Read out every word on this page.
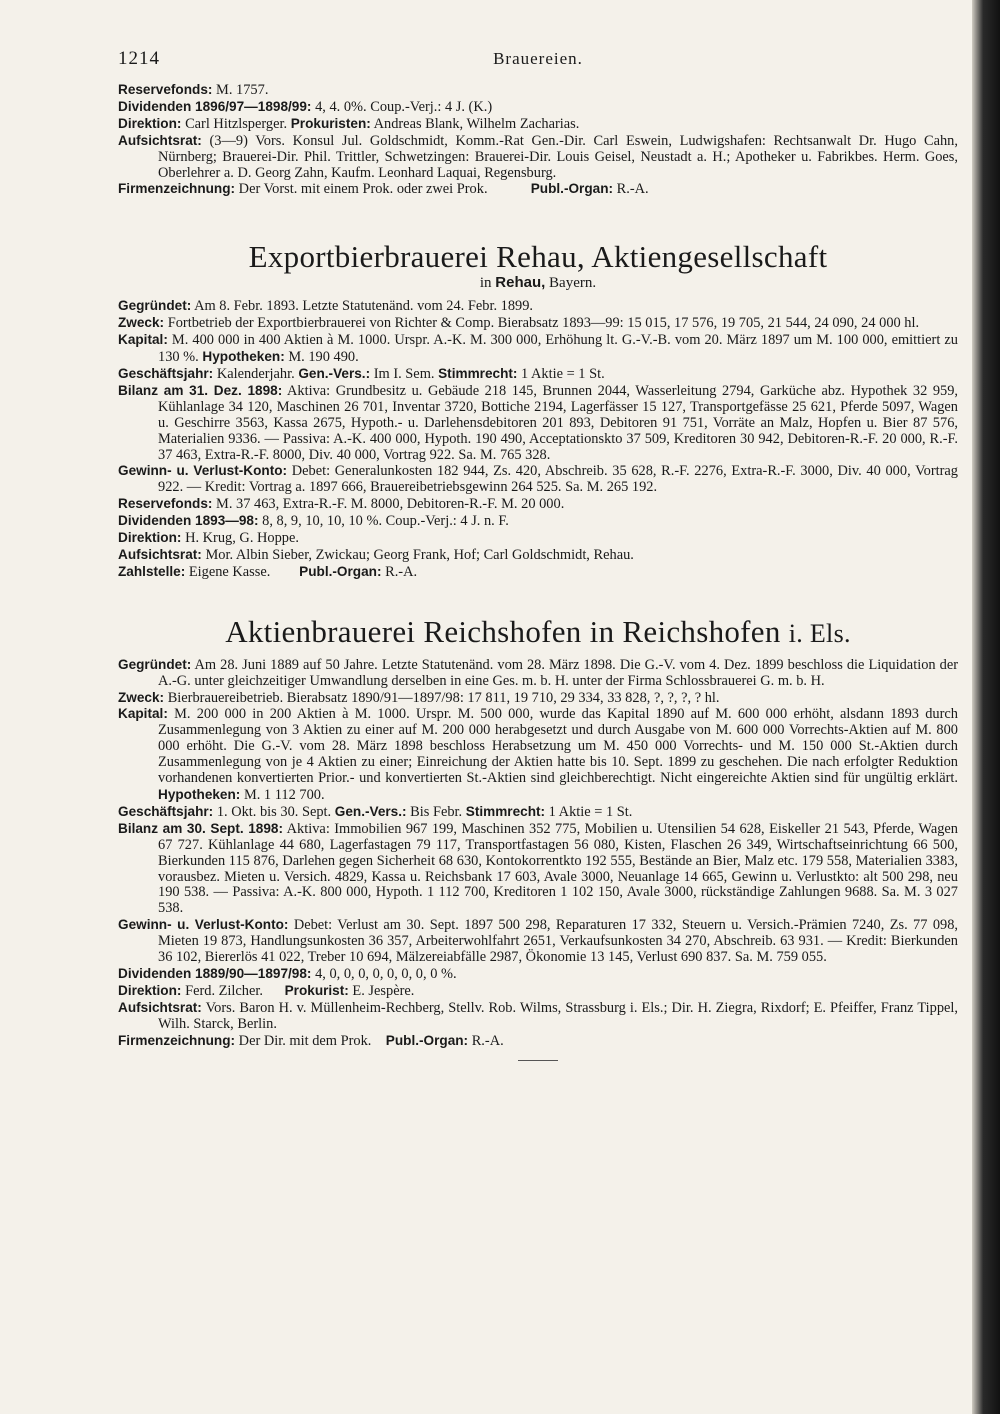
1214	Brauereien.
Reservefonds: M. 1757.
Dividenden 1896/97—1898/99: 4, 4. 0%. Coup.-Verj.: 4 J. (K.)
Direktion: Carl Hitzlsperger. Prokuristen: Andreas Blank, Wilhelm Zacharias.
Aufsichtsrat: (3—9) Vors. Konsul Jul. Goldschmidt, Komm.-Rat Gen.-Dir. Carl Eswein, Ludwigshafen: Rechtsanwalt Dr. Hugo Cahn, Nürnberg; Brauerei-Dir. Phil. Trittler, Schwetzingen: Brauerei-Dir. Louis Geisel, Neustadt a. H.; Apotheker u. Fabrikbes. Herm. Goes, Oberlehrer a. D. Georg Zahn, Kaufm. Leonhard Laquai, Regensburg.
Firmenzeichnung: Der Vorst. mit einem Prok. oder zwei Prok.	Publ.-Organ: R.-A.
Exportbierbrauerei Rehau, Aktiengesellschaft
in Rehau, Bayern.
Gegründet: Am 8. Febr. 1893. Letzte Statutenänd. vom 24. Febr. 1899.
Zweck: Fortbetrieb der Exportbierbrauerei von Richter & Comp. Bierabsatz 1893—99: 15 015, 17 576, 19 705, 21 544, 24 090, 24 000 hl.
Kapital: M. 400 000 in 400 Aktien à M. 1000. Urspr. A.-K. M. 300 000, Erhöhung lt. G.-V.-B. vom 20. März 1897 um M. 100 000, emittiert zu 130 %. Hypotheken: M. 190 490.
Geschäftsjahr: Kalenderjahr. Gen.-Vers.: Im I. Sem. Stimmrecht: 1 Aktie = 1 St.
Bilanz am 31. Dez. 1898: Aktiva: Grundbesitz u. Gebäude 218 145, Brunnen 2044, Wasserleitung 2794, Garküche abz. Hypothek 32 959, Kühlanlage 34 120, Maschinen 26 701, Inventar 3720, Bottiche 2194, Lagerfässer 15 127, Transportgefässe 25 621, Pferde 5097, Wagen u. Geschirre 3563, Kassa 2675, Hypoth.- u. Darlehensdebitoren 201 893, Debitoren 91 751, Vorräte an Malz, Hopfen u. Bier 87 576, Materialien 9336. — Passiva: A.-K. 400 000, Hypoth. 190 490, Acceptationskto 37 509, Kreditoren 30 942, Debitoren-R.-F. 20 000, R.-F. 37 463, Extra-R.-F. 8000, Div. 40 000, Vortrag 922. Sa. M. 765 328.
Gewinn- u. Verlust-Konto: Debet: Generalunkosten 182 944, Zs. 420, Abschreib. 35 628, R.-F. 2276, Extra-R.-F. 3000, Div. 40 000, Vortrag 922. — Kredit: Vortrag a. 1897 666, Brauereibetriebsgewinn 264 525. Sa. M. 265 192.
Reservefonds: M. 37 463, Extra-R.-F. M. 8000, Debitoren-R.-F. M. 20 000.
Dividenden 1893—98: 8, 8, 9, 10, 10, 10 %. Coup.-Verj.: 4 J. n. F.
Direktion: H. Krug, G. Hoppe.
Aufsichtsrat: Mor. Albin Sieber, Zwickau; Georg Frank, Hof; Carl Goldschmidt, Rehau.
Zahlstelle: Eigene Kasse. Publ.-Organ: R.-A.
Aktienbrauerei Reichshofen in Reichshofen i. Els.
Gegründet: Am 28. Juni 1889 auf 50 Jahre. Letzte Statutenänd. vom 28. März 1898. Die G.-V. vom 4. Dez. 1899 beschloss die Liquidation der A.-G. unter gleichzeitiger Umwandlung derselben in eine Ges. m. b. H. unter der Firma Schlossbrauerei G. m. b. H.
Zweck: Bierbrauereibetrieb. Bierabsatz 1890/91—1897/98: 17 811, 19 710, 29 334, 33 828, ?, ?, ?, ? hl.
Kapital: M. 200 000 in 200 Aktien à M. 1000. Urspr. M. 500 000, wurde das Kapital 1890 auf M. 600 000 erhöht, alsdann 1893 durch Zusammenlegung von 3 Aktien zu einer auf M. 200 000 herabgesetzt und durch Ausgabe von M. 600 000 Vorrechts-Aktien auf M. 800 000 erhöht. Die G.-V. vom 28. März 1898 beschloss Herabsetzung um M. 450 000 Vorrechts- und M. 150 000 St.-Aktien durch Zusammenlegung von je 4 Aktien zu einer; Einreichung der Aktien hatte bis 10. Sept. 1899 zu geschehen. Die nach erfolgter Reduktion vorhandenen konvertierten Prior.- und konvertierten St.-Aktien sind gleichberechtigt. Nicht eingereichte Aktien sind für ungültig erklärt. Hypotheken: M. 1 112 700.
Geschäftsjahr: 1. Okt. bis 30. Sept. Gen.-Vers.: Bis Febr. Stimmrecht: 1 Aktie = 1 St.
Bilanz am 30. Sept. 1898: Aktiva: Immobilien 967 199, Maschinen 352 775, Mobilien u. Utensilien 54 628, Eiskeller 21 543, Pferde, Wagen 67 727. Kühlanlage 44 680, Lagerfastagen 79 117, Transportfastagen 56 080, Kisten, Flaschen 26 349, Wirtschaftseinrichtung 66 500, Bierkunden 115 876, Darlehen gegen Sicherheit 68 630, Kontokorrentkto 192 555, Bestände an Bier, Malz etc. 179 558, Materialien 3383, vorausbez. Mieten u. Versich. 4829, Kassa u. Reichsbank 17 603, Avale 3000, Neuanlage 14 665, Gewinn u. Verlustkto: alt 500 298, neu 190 538. — Passiva: A.-K. 800 000, Hypoth. 1 112 700, Kreditoren 1 102 150, Avale 3000, rückständige Zahlungen 9688. Sa. M. 3 027 538.
Gewinn- u. Verlust-Konto: Debet: Verlust am 30. Sept. 1897 500 298, Reparaturen 17 332, Steuern u. Versich.-Prämien 7240, Zs. 77 098, Mieten 19 873, Handlungsunkosten 36 357, Arbeiterwohlfahrt 2651, Verkaufsunkosten 34 270, Abschreib. 63 931. — Kredit: Bierkunden 36 102, Biererlös 41 022, Treber 10 694, Mälzereiabfälle 2987, Ökonomie 13 145, Verlust 690 837. Sa. M. 759 055.
Dividenden 1889/90—1897/98: 4, 0, 0, 0, 0, 0, 0, 0, 0 %.
Direktion: Ferd. Zilcher. Prokurist: E. Jespère.
Aufsichtsrat: Vors. Baron H. v. Müllenheim-Rechberg, Stellv. Rob. Wilms, Strassburg i. Els.; Dir. H. Ziegra, Rixdorf; E. Pfeiffer, Franz Tippel, Wilh. Starck, Berlin.
Firmenzeichnung: Der Dir. mit dem Prok. Publ.-Organ: R.-A.
